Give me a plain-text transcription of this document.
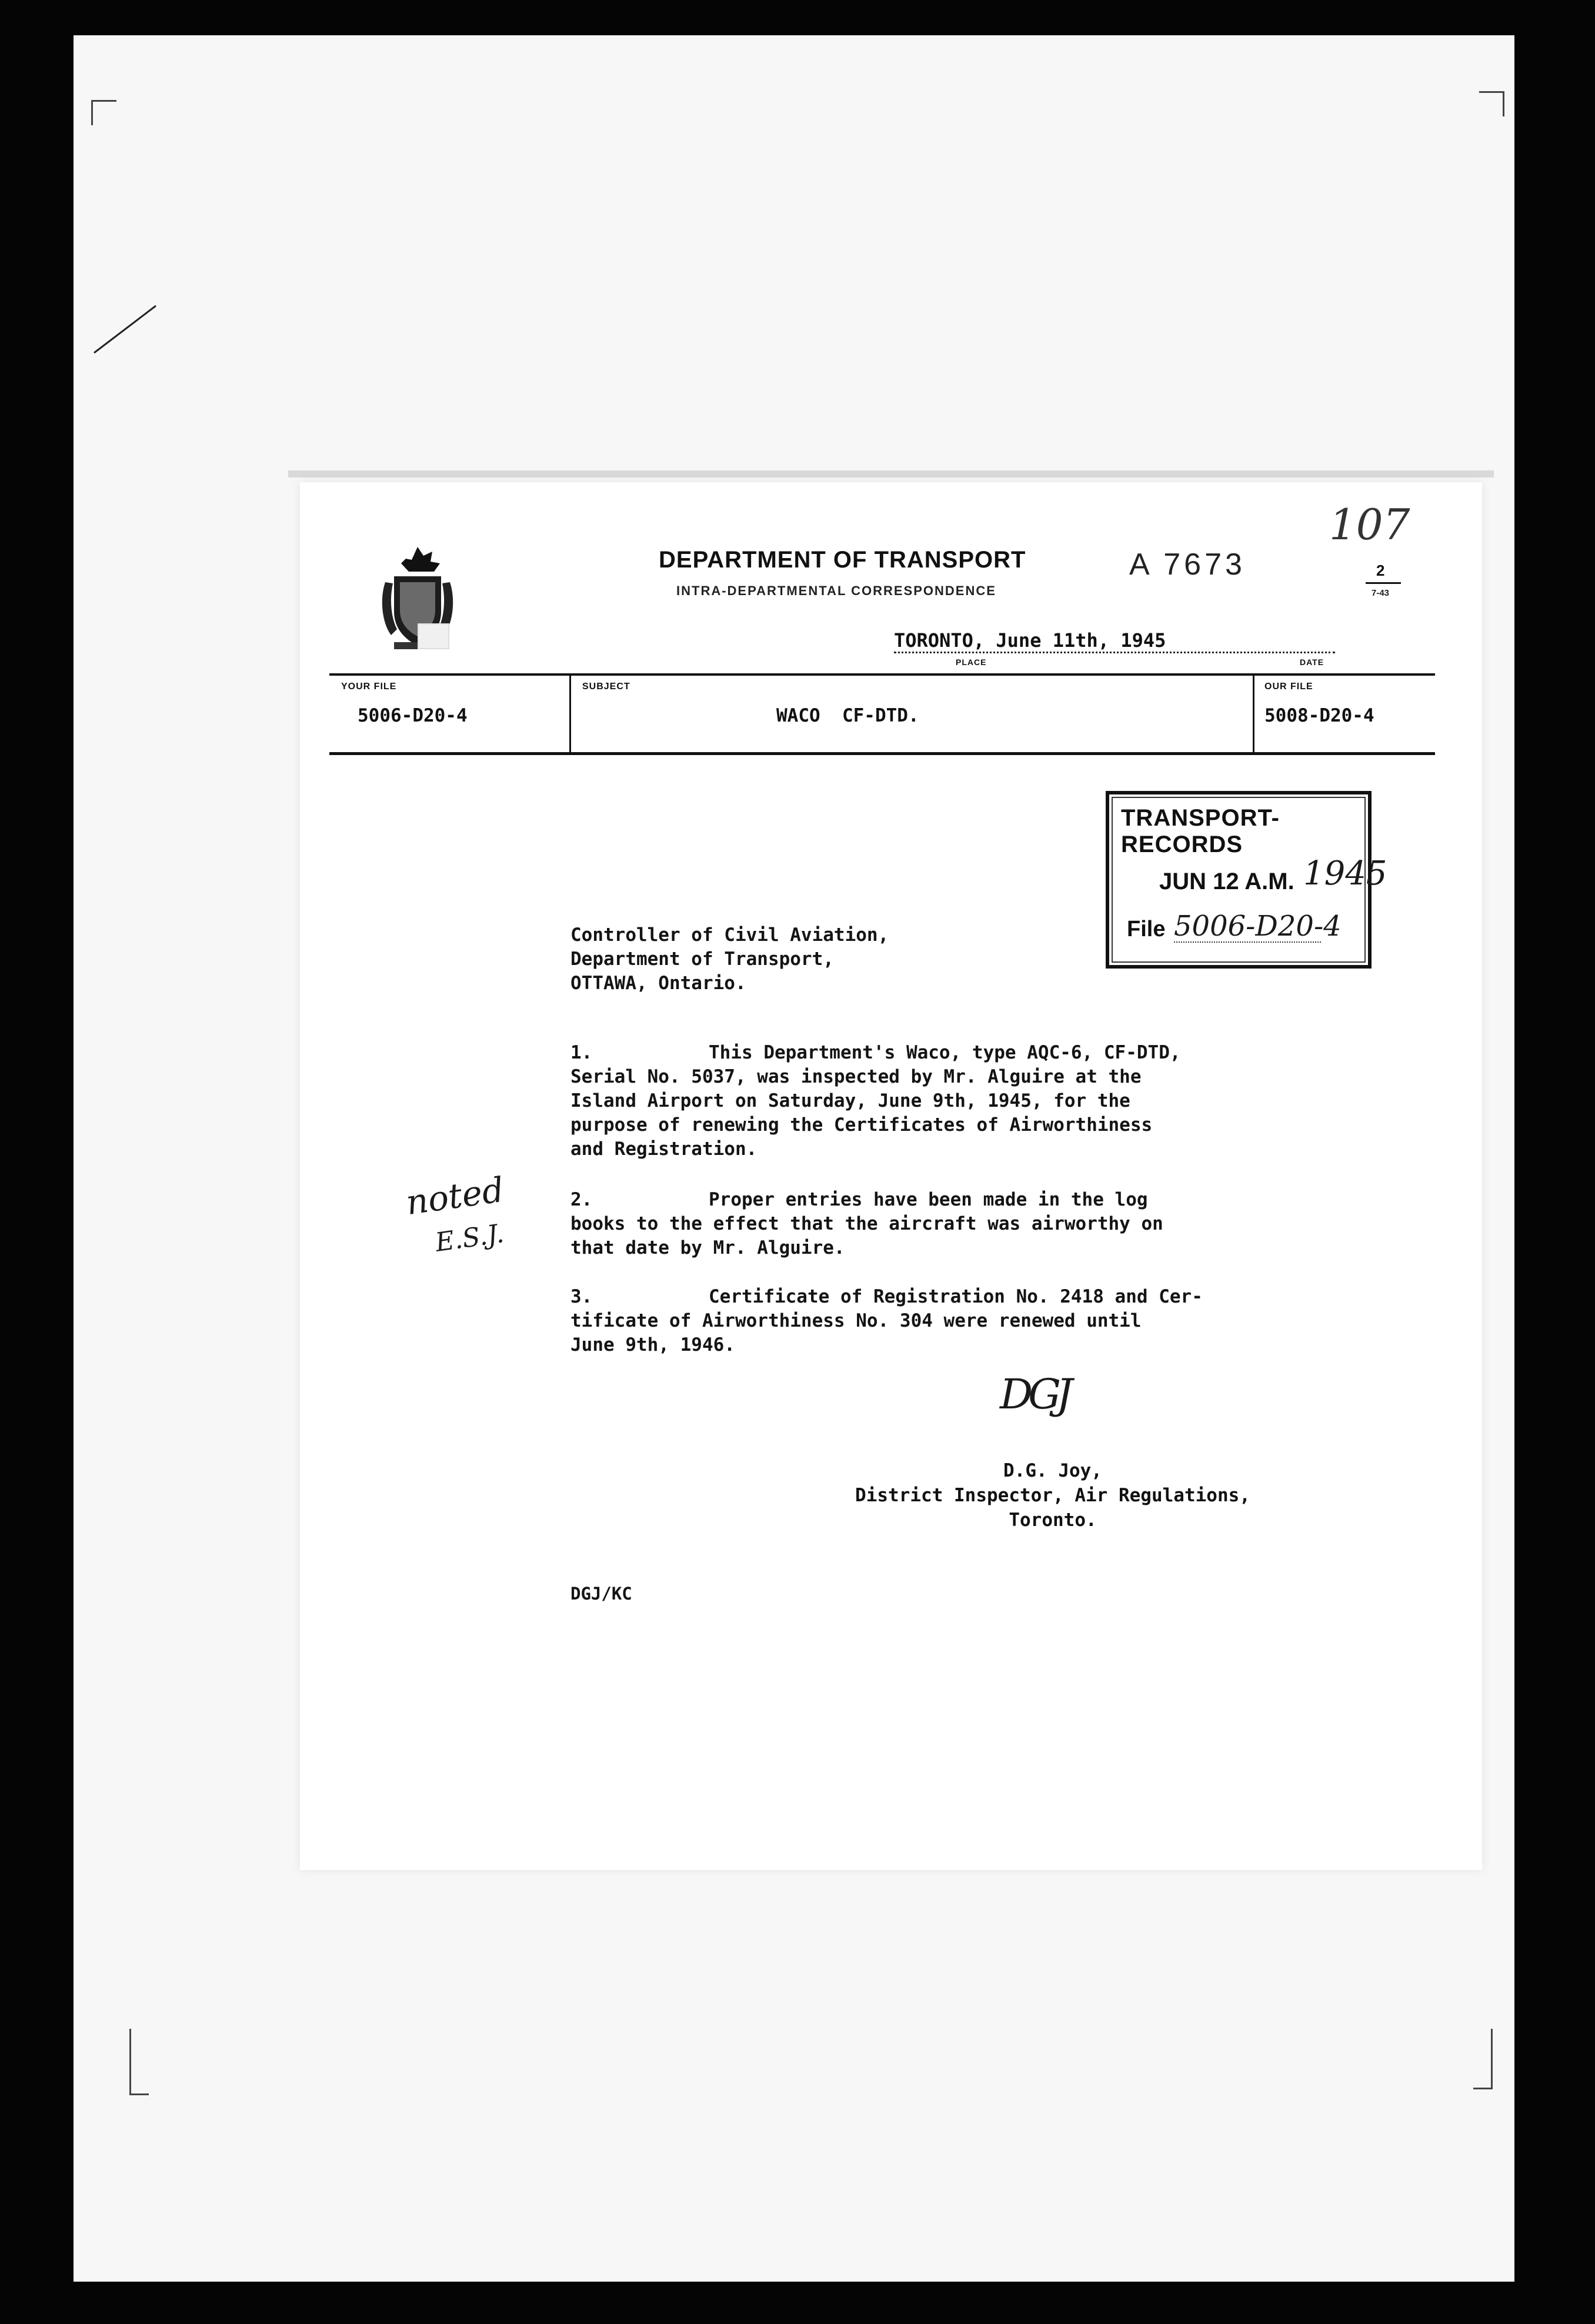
107
DEPARTMENT OF TRANSPORT
INTRA-DEPARTMENTAL CORRESPONDENCE
A 7673	2
7-43
TORONTO, June 11th, 1945
PLACE	DATE
YOUR FILE
5006-D20-4
SUBJECT
WACO  CF-DTD.
OUR FILE
5008-D20-4
TRANSPORT-RECORDS
JUN 12 A.M. 1945
File 5006-D20-4
Controller of Civil Aviation,
Department of Transport,
OTTAWA, Ontario.
1.	This Department's Waco, type AQC-6, CF-DTD,
Serial No. 5037, was inspected by Mr. Alguire at the
Island Airport on Saturday, June 9th, 1945, for the
purpose of renewing the Certificates of Airworthiness
and Registration.
2.	Proper entries have been made in the log
books to the effect that the aircraft was airworthy on
that date by Mr. Alguire.
3.	Certificate of Registration No. 2418 and Cer-
tificate of Airworthiness No. 304 were renewed until
June 9th, 1946.
noted
E.S.J.
DGJ
D.G. Joy,
District Inspector, Air Regulations,
Toronto.
DGJ/KC
